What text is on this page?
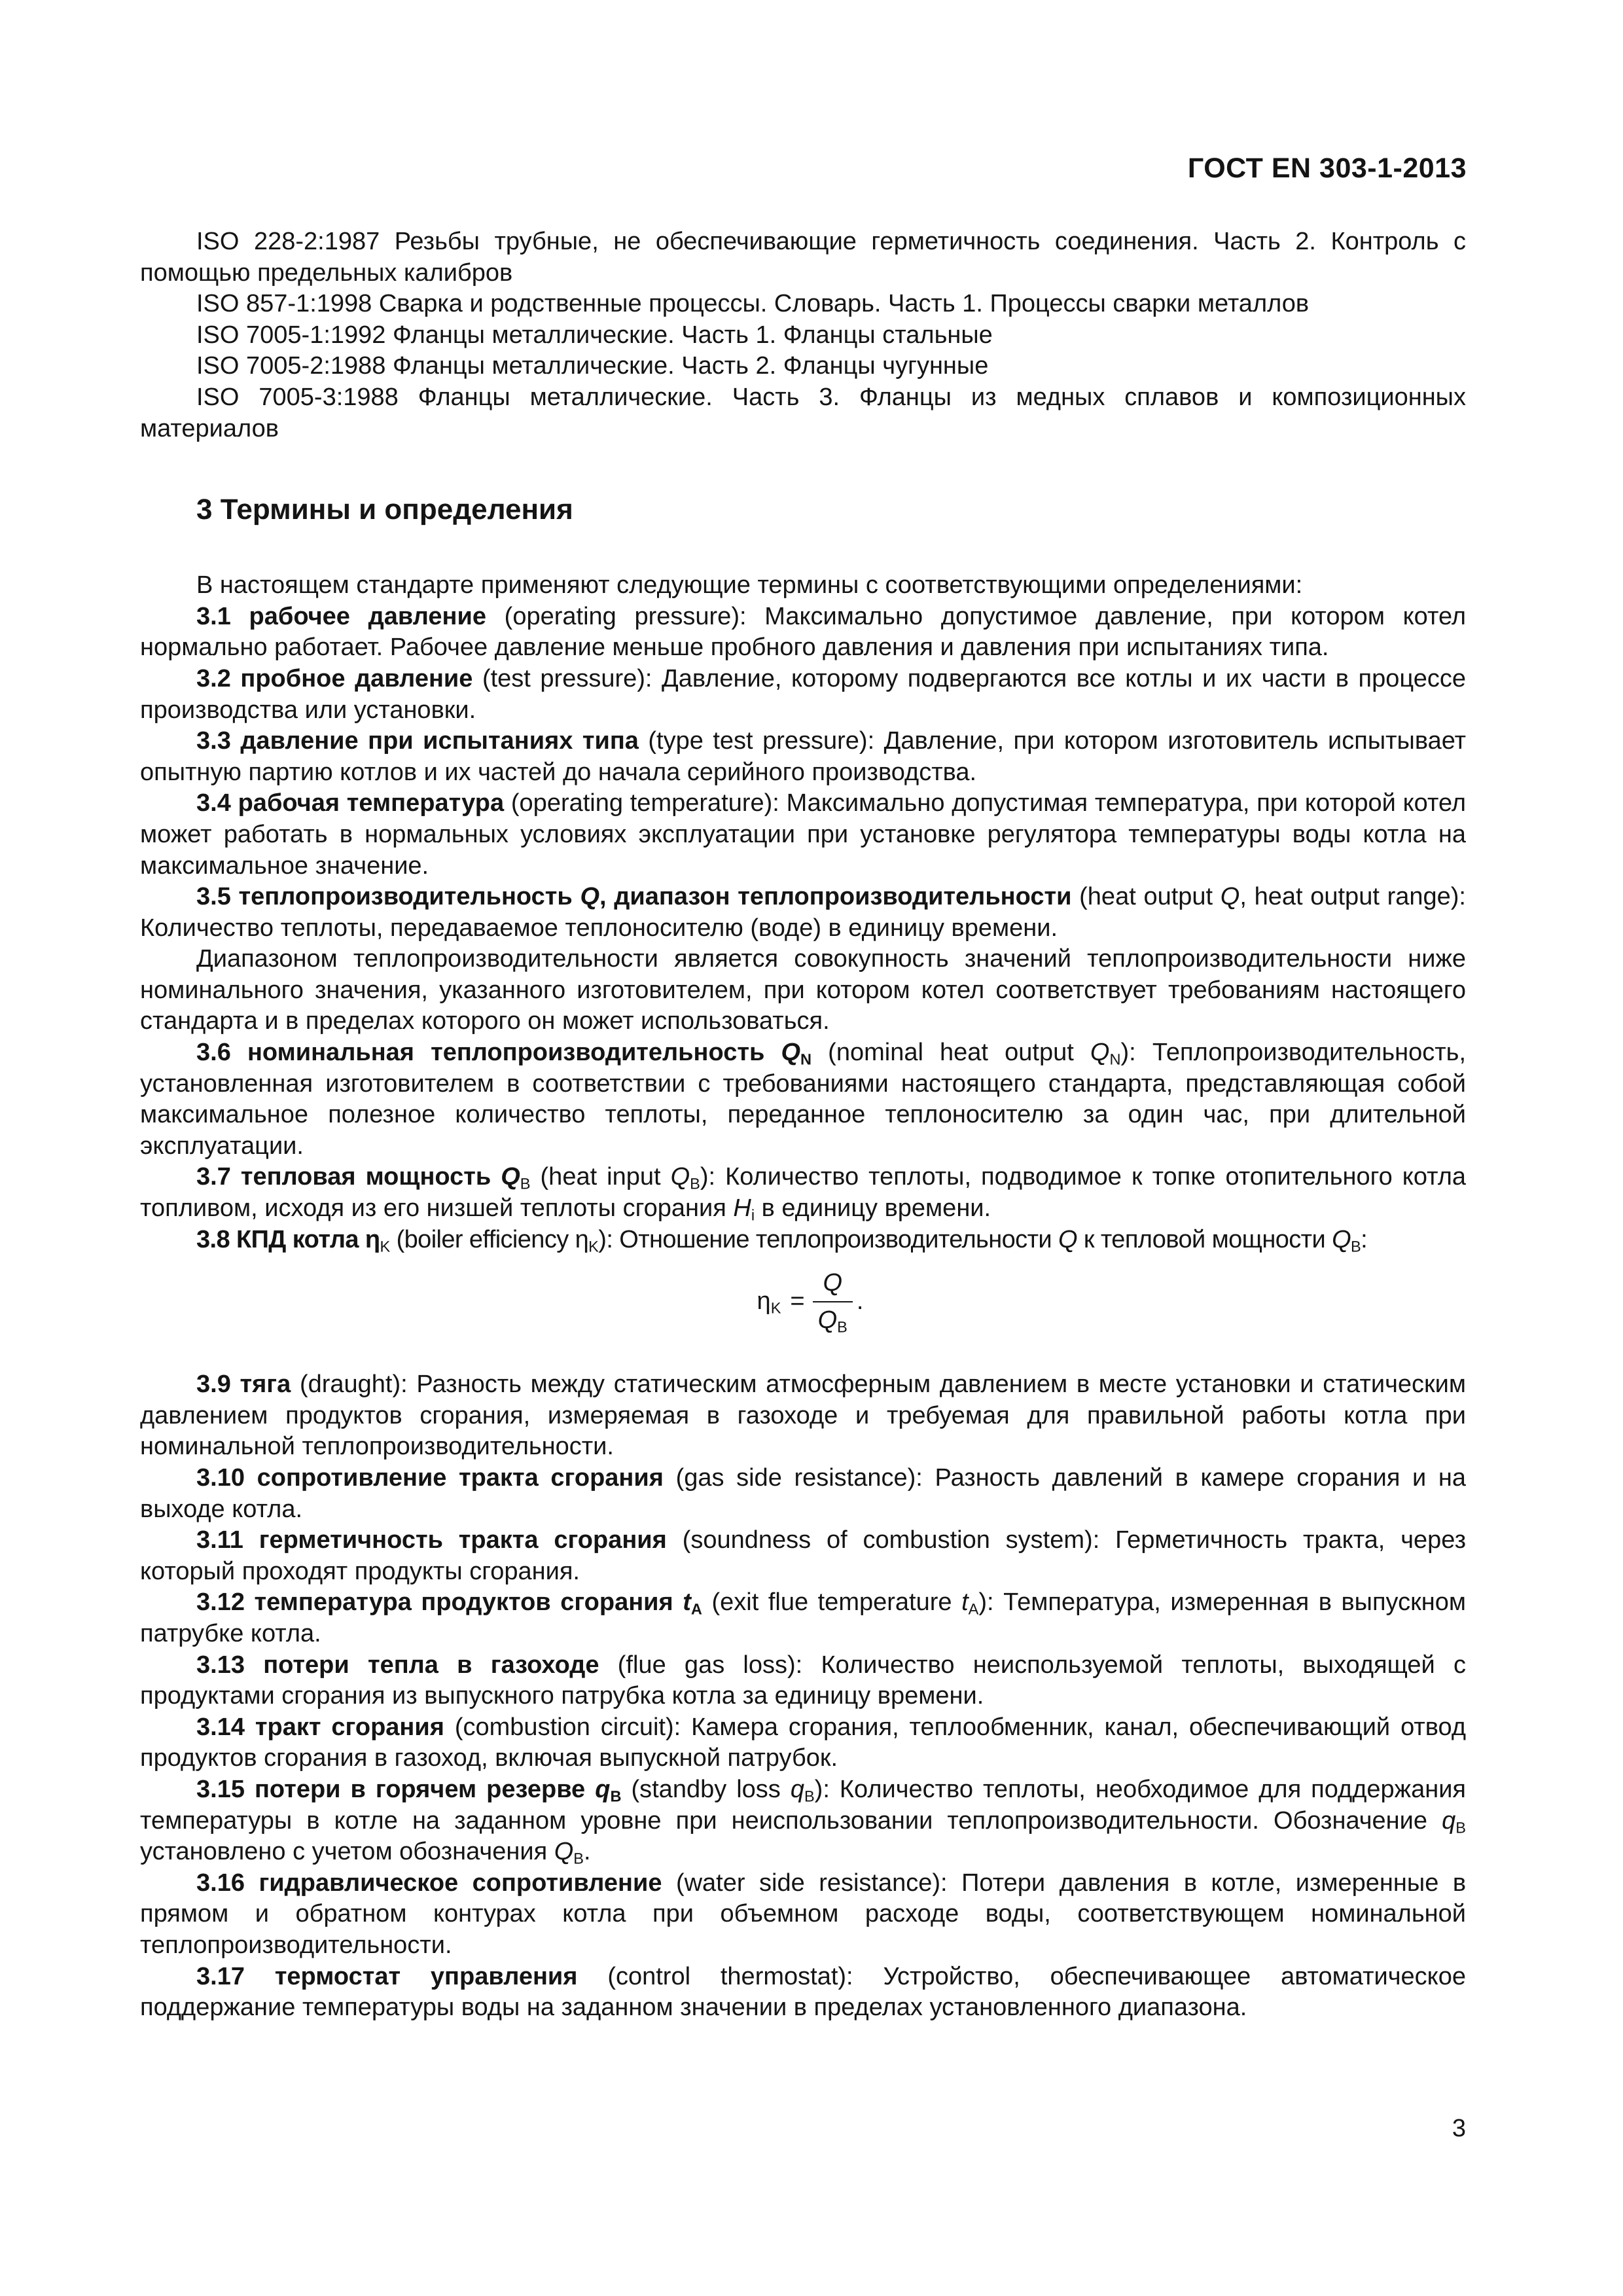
ГОСТ EN 303-1-2013

ISO 228-2:1987 Резьбы трубные, не обеспечивающие герметичность соединения. Часть 2. Контроль с помощью предельных калибров

ISO 857-1:1998 Сварка и родственные процессы. Словарь. Часть 1. Процессы сварки металлов

ISO 7005-1:1992 Фланцы металлические. Часть 1. Фланцы стальные

ISO 7005-2:1988 Фланцы металлические. Часть 2. Фланцы чугунные

ISO 7005-3:1988 Фланцы металлические. Часть 3. Фланцы из медных сплавов и композиционных материалов

3 Термины и определения

В настоящем стандарте применяют следующие термины с соответствующими определениями:

3.1 рабочее давление (operating pressure): Максимально допустимое давление, при котором котел нормально работает. Рабочее давление меньше пробного давления и давления при испытаниях типа.

3.2 пробное давление (test pressure): Давление, которому подвергаются все котлы и их части в процессе производства или установки.

3.3 давление при испытаниях типа (type test pressure): Давление, при котором изготовитель испытывает опытную партию котлов и их частей до начала серийного производства.

3.4 рабочая температура (operating temperature): Максимально допустимая температура, при которой котел может работать в нормальных условиях эксплуатации при установке регулятора температуры воды котла на максимальное значение.

3.5 теплопроизводительность Q, диапазон теплопроизводительности (heat output Q, heat output range): Количество теплоты, передаваемое теплоносителю (воде) в единицу времени.

Диапазоном теплопроизводительности является совокупность значений теплопроизводительности ниже номинального значения, указанного изготовителем, при котором котел соответствует требованиям настоящего стандарта и в пределах которого он может использоваться.

3.6 номинальная теплопроизводительность $Q_N$ (nominal heat output $Q_N$): Теплопроизводительность, установленная изготовителем в соответствии с требованиями настоящего стандарта, представляющая собой максимальное полезное количество теплоты, переданное теплоносителю за один час, при длительной эксплуатации.

3.7 тепловая мощность $Q_B$ (heat input $Q_B$): Количество теплоты, подводимое к топке отопительного котла топливом, исходя из его низшей теплоты сгорания $H_i$ в единицу времени.

3.8 КПД котла $\eta_K$ (boiler efficiency $\eta_K$): Отношение теплопроизводительности Q к тепловой мощности $Q_B$:

$\eta_K = \frac{Q}{Q_B}$ .

3.9 тяга (draught): Разность между статическим атмосферным давлением в месте установки и статическим давлением продуктов сгорания, измеряемая в газоходе и требуемая для правильной работы котла при номинальной теплопроизводительности.

3.10 сопротивление тракта сгорания (gas side resistance): Разность давлений в камере сгорания и на выходе котла.

3.11 герметичность тракта сгорания (soundness of combustion system): Герметичность тракта, через который проходят продукты сгорания.

3.12 температура продуктов сгорания $t_A$ (exit flue temperature $t_A$): Температура, измеренная в выпускном патрубке котла.

3.13 потери тепла в газоходе (flue gas loss): Количество неиспользуемой теплоты, выходящей с продуктами сгорания из выпускного патрубка котла за единицу времени.

3.14 тракт сгорания (combustion circuit): Камера сгорания, теплообменник, канал, обеспечивающий отвод продуктов сгорания в газоход, включая выпускной патрубок.

3.15 потери в горячем резерве $q_B$ (standby loss $q_B$): Количество теплоты, необходимое для поддержания температуры в котле на заданном уровне при неиспользовании теплопроизводительности. Обозначение $q_B$ установлено с учетом обозначения $Q_B$.

3.16 гидравлическое сопротивление (water side resistance): Потери давления в котле, измеренные в прямом и обратном контурах котла при объемном расходе воды, соответствующем номинальной теплопроизводительности.

3.17 термостат управления (control thermostat): Устройство, обеспечивающее автоматическое поддержание температуры воды на заданном значении в пределах установленного диапазона.

3
